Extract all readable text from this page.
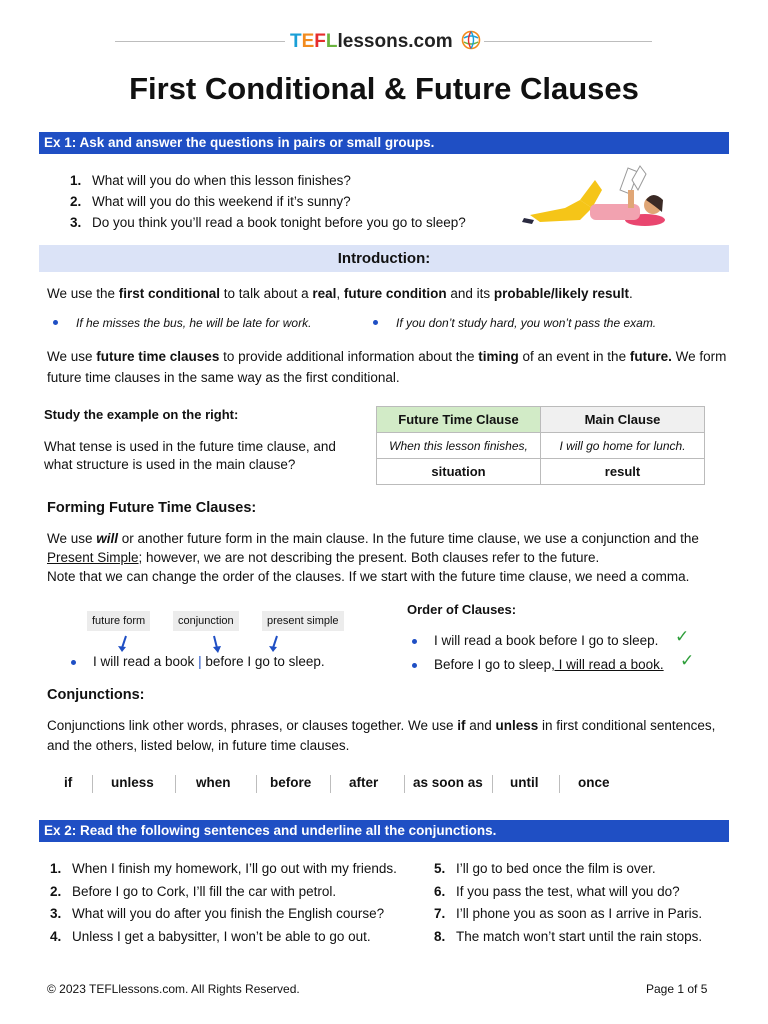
TEFLlessons.com
First Conditional & Future Clauses
Ex 1: Ask and answer the questions in pairs or small groups.
1. What will you do when this lesson finishes?
2. What will you do this weekend if it’s sunny?
3. Do you think you’ll read a book tonight before you go to sleep?
Introduction:
We use the first conditional to talk about a real, future condition and its probable/likely result.
If he misses the bus, he will be late for work.	If you don’t study hard, you won’t pass the exam.
We use future time clauses to provide additional information about the timing of an event in the future. We form future time clauses in the same way as the first conditional.
Study the example on the right:
What tense is used in the future time clause, and what structure is used in the main clause?
Future Time Clause	Main Clause
When this lesson finishes,	I will go home for lunch.
situation	result
Forming Future Time Clauses:
We use will or another future form in the main clause. In the future time clause, we use a conjunction and the Present Simple; however, we are not describing the present. Both clauses refer to the future.
Note that we can change the order of the clauses. If we start with the future time clause, we need a comma.
future form	conjunction	present simple
I will read a book | before I go to sleep.
Order of Clauses:
I will read a book before I go to sleep. ✓
Before I go to sleep, I will read a book. ✓
Conjunctions:
Conjunctions link other words, phrases, or clauses together. We use if and unless in first conditional sentences, and the others, listed below, in future time clauses.
if	unless	when	before	after	as soon as until	once
Ex 2: Read the following sentences and underline all the conjunctions.
1. When I finish my homework, I’ll go out with my friends.
2. Before I go to Cork, I’ll fill the car with petrol.
3. What will you do after you finish the English course?
4. Unless I get a babysitter, I won’t be able to go out.
5. I’ll go to bed once the film is over.
6. If you pass the test, what will you do?
7. I’ll phone you as soon as I arrive in Paris.
8. The match won’t start until the rain stops.
© 2023 TEFLlessons.com. All Rights Reserved.	Page 1 of 5
